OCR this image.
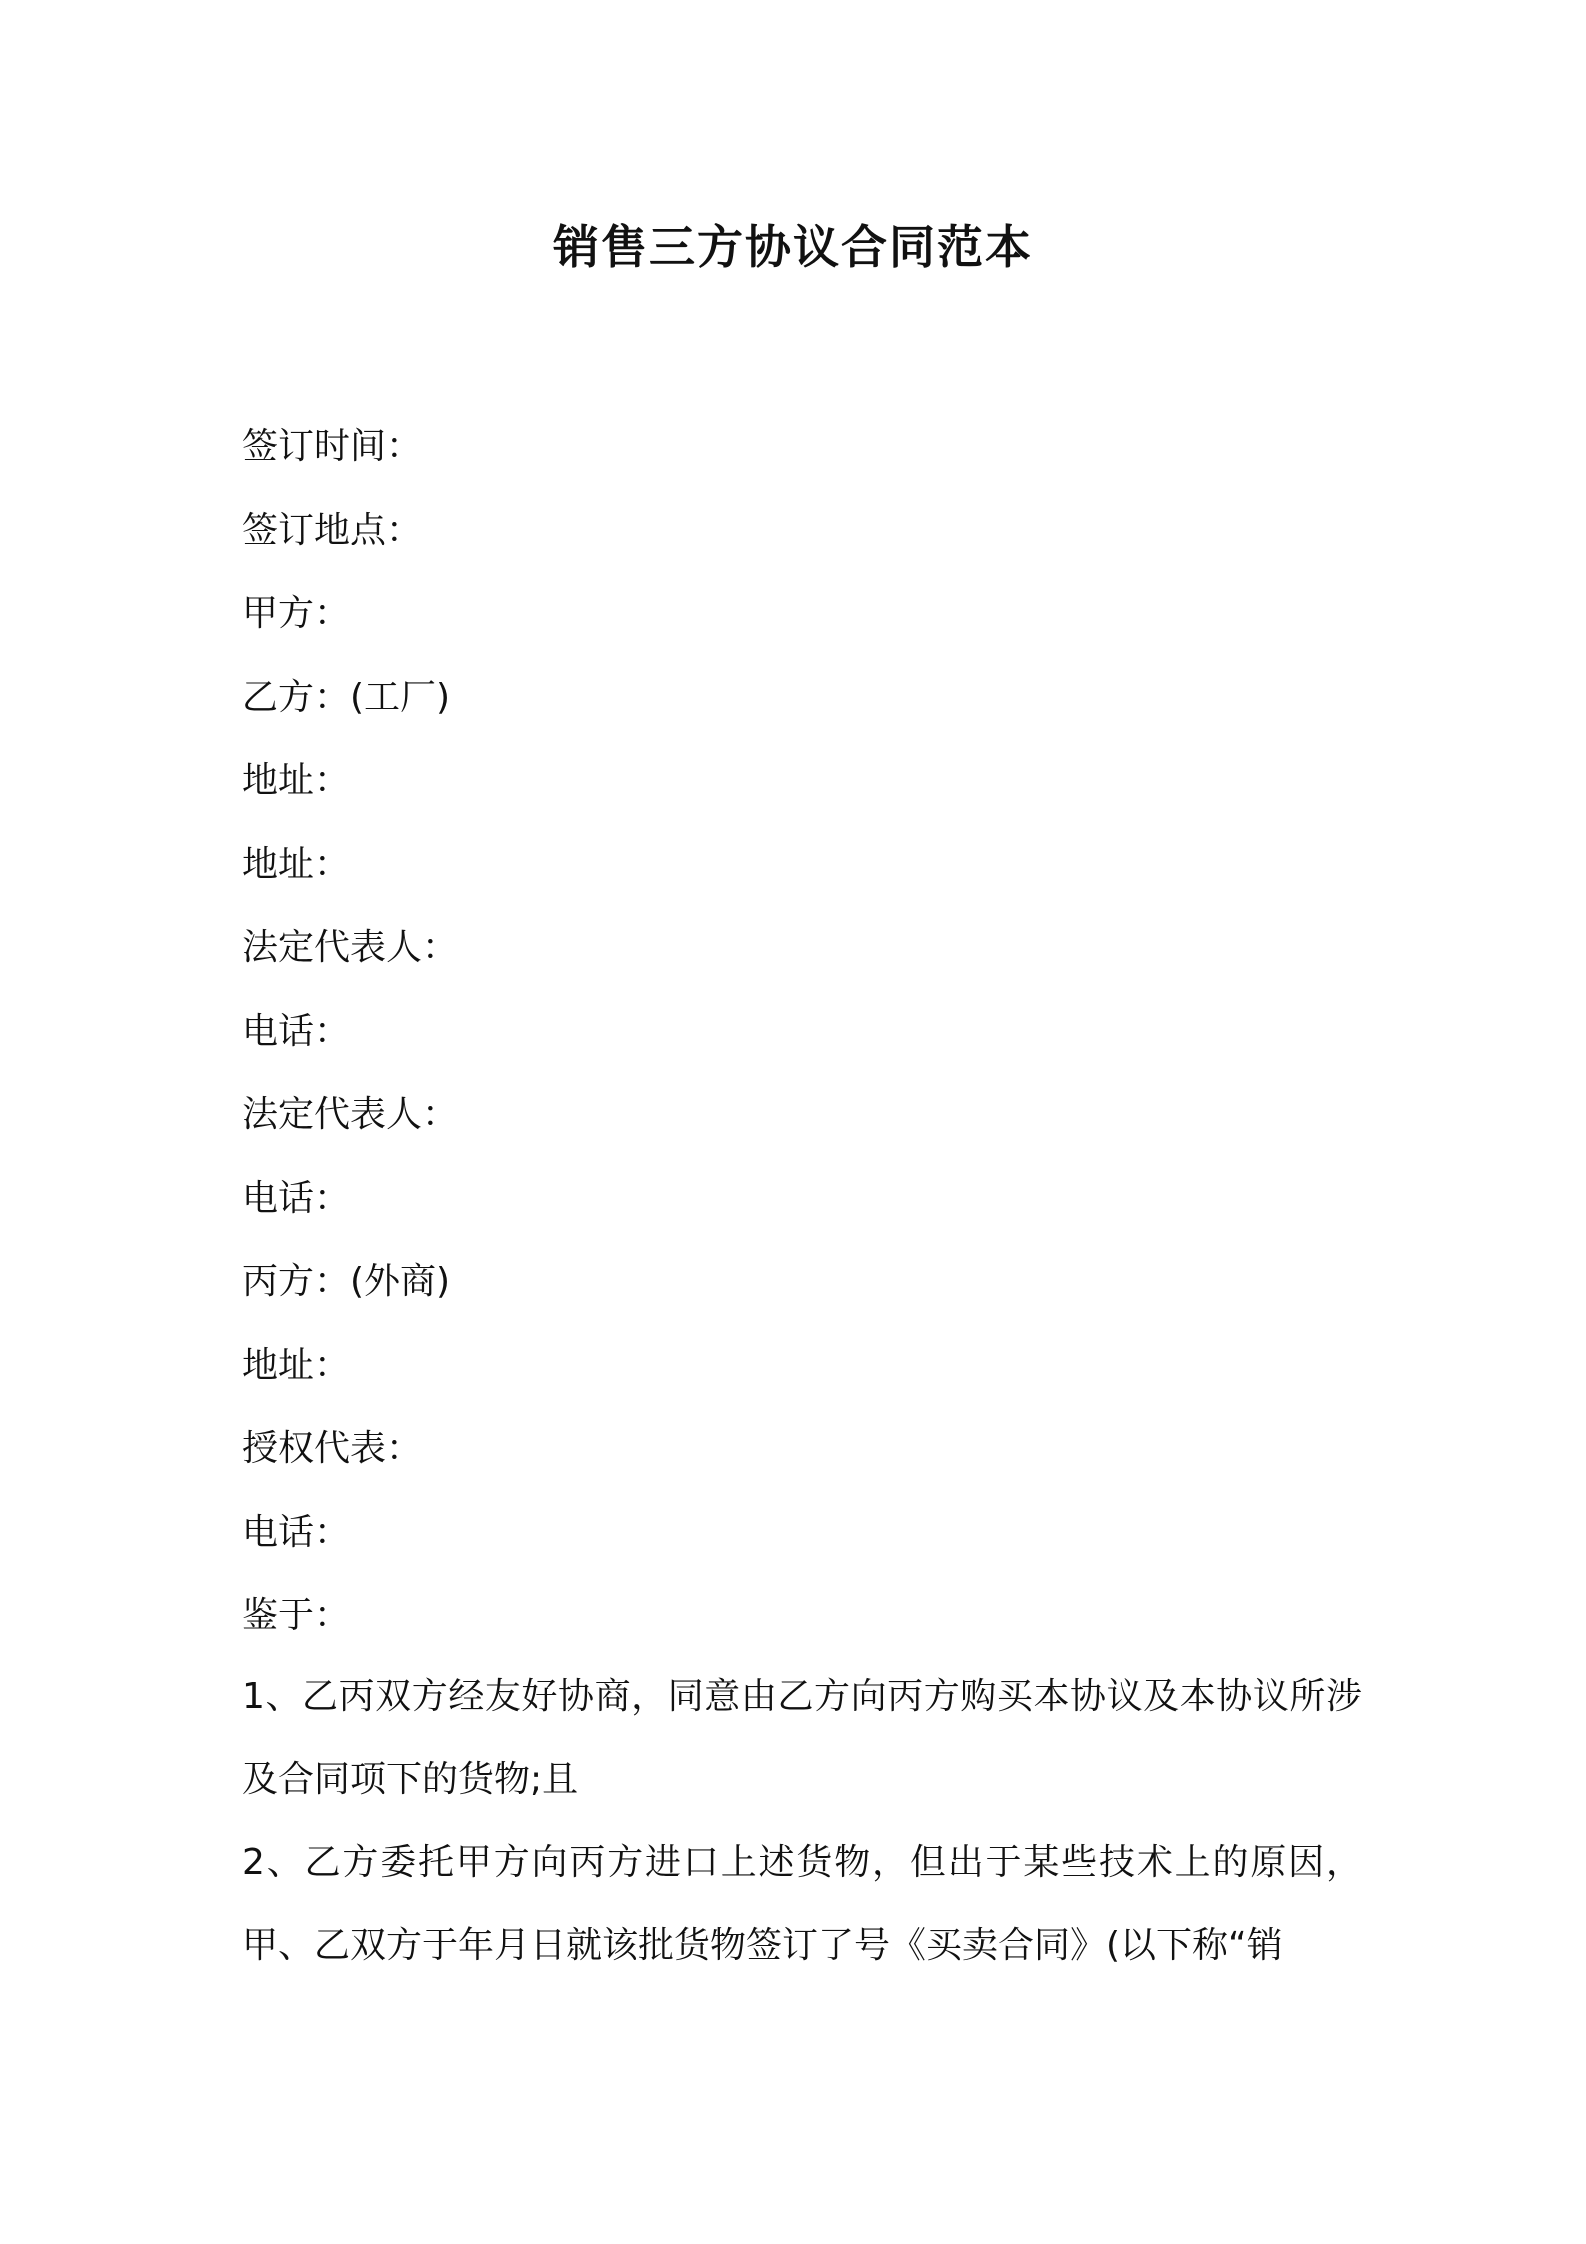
销售三方协议合同范本
签订时间：
签订地点：
甲方：
乙方：(工厂)
地址：
地址：
法定代表人：
电话：
法定代表人：
电话：
丙方：(外商)
地址：
授权代表：
电话：
鉴于：
1、乙丙双方经友好协商，同意由乙方向丙方购买本协议及本协议所涉及合同项下的货物;且
2、乙方委托甲方向丙方进口上述货物，但出于某些技术上的原因，甲、乙双方于年月日就该批货物签订了号《买卖合同》(以下称“销
